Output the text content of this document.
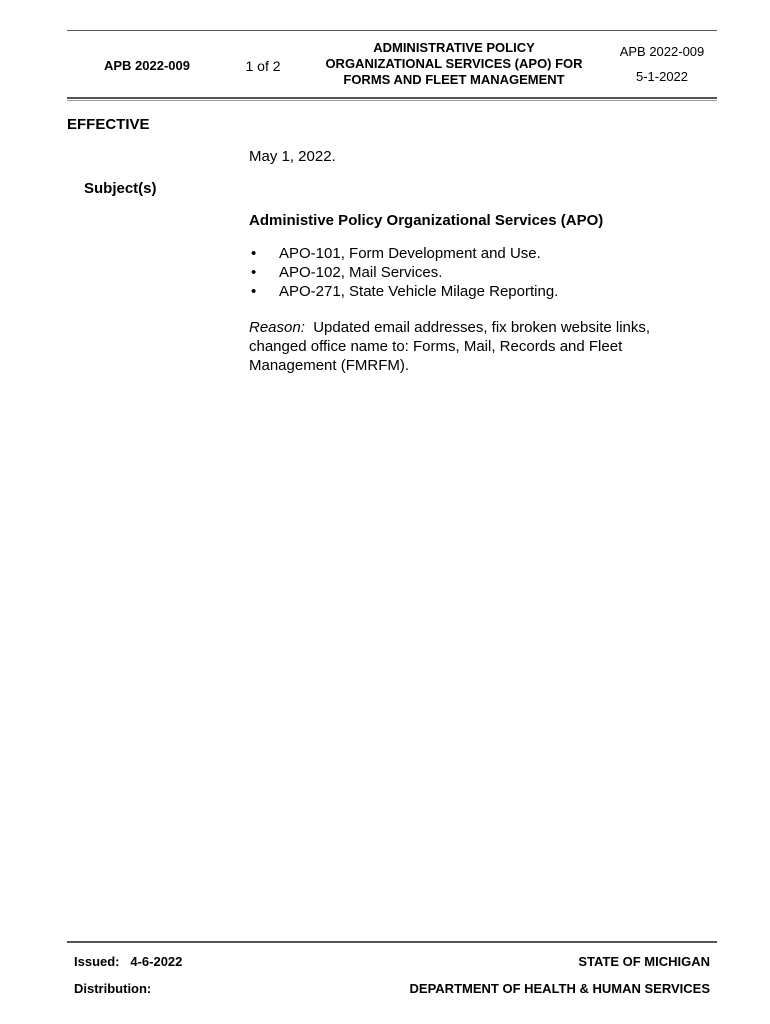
APB 2022-009	1 of 2
ADMINISTRATIVE POLICY
ORGANIZATIONAL SERVICES (APO) FOR
FORMS AND FLEET MANAGEMENT
APB 2022-009
5-1-2022
EFFECTIVE
May 1, 2022.
Subject(s)
Administive Policy Organizational Services (APO)
• APO-101, Form Development and Use.
• APO-102, Mail Services.
• APO-271, State Vehicle Milage Reporting.
Reason: Updated email addresses, fix broken website links, changed office name to: Forms, Mail, Records and Fleet Management (FMRFM).
Issued:   4-6-2022
Distribution:
STATE OF MICHIGAN
DEPARTMENT OF HEALTH & HUMAN SERVICES
